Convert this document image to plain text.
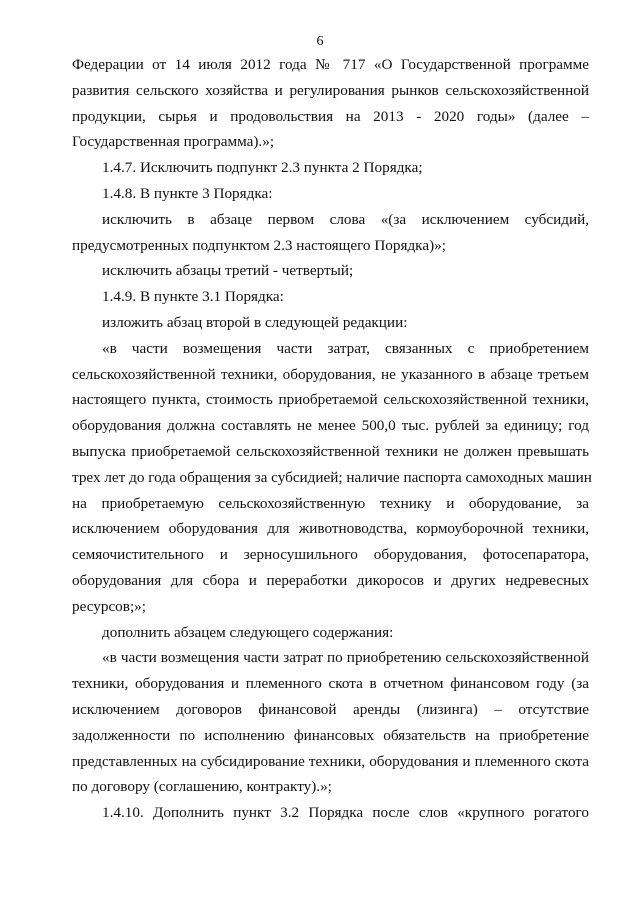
6
Федерации от 14 июля 2012 года № 717 «О Государственной программе
развития сельского хозяйства и регулирования рынков сельскохозяйственной
продукции, сырья и продовольствия на 2013 - 2020 годы» (далее –
Государственная программа).»;
1.4.7. Исключить подпункт 2.3 пункта 2 Порядка;
1.4.8. В пункте 3 Порядка:
исключить в абзаце первом слова «(за исключением субсидий,
предусмотренных подпунктом 2.3 настоящего Порядка)»;
исключить абзацы третий - четвертый;
1.4.9. В пункте 3.1 Порядка:
изложить абзац второй в следующей редакции:
«в части возмещения части затрат, связанных с приобретением
сельскохозяйственной техники, оборудования, не указанного в абзаце третьем
настоящего пункта, стоимость приобретаемой сельскохозяйственной техники,
оборудования должна составлять не менее 500,0 тыс. рублей за единицу; год
выпуска приобретаемой сельскохозяйственной техники не должен превышать
трех лет до года обращения за субсидией; наличие паспорта самоходных машин
на приобретаемую сельскохозяйственную технику и оборудование, за
исключением оборудования для животноводства, кормоуборочной техники,
семяочистительного и зерносушильного оборудования, фотосепаратора,
оборудования для сбора и переработки дикоросов и других недревесных
ресурсов;»;
дополнить абзацем следующего содержания:
«в части возмещения части затрат по приобретению сельскохозяйственной
техники, оборудования и племенного скота в отчетном финансовом году (за
исключением договоров финансовой аренды (лизинга) – отсутствие
задолженности по исполнению финансовых обязательств на приобретение
представленных на субсидирование техники, оборудования и племенного скота
по договору (соглашению, контракту).»;
1.4.10. Дополнить пункт 3.2 Порядка после слов «крупного рогатого
